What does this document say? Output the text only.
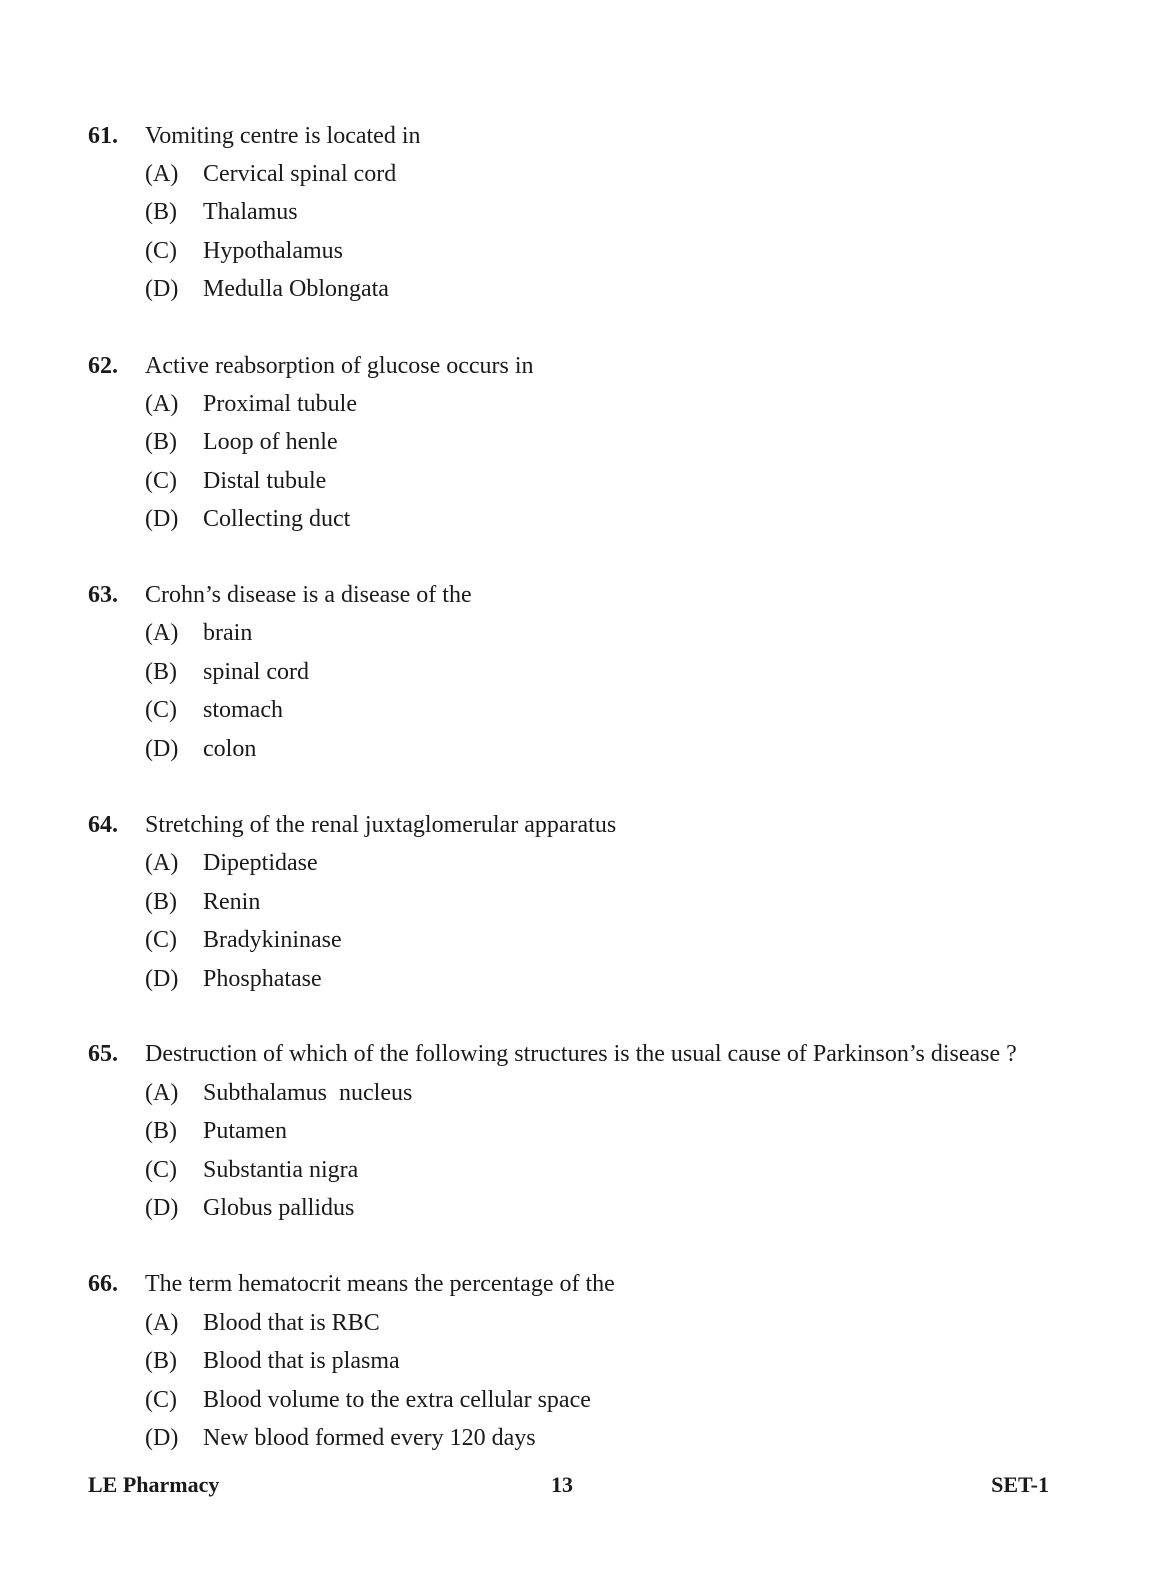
61. Vomiting centre is located in
(A) Cervical spinal cord
(B) Thalamus
(C) Hypothalamus
(D) Medulla Oblongata
62. Active reabsorption of glucose occurs in
(A) Proximal tubule
(B) Loop of henle
(C) Distal tubule
(D) Collecting duct
63. Crohn’s disease is a disease of the
(A) brain
(B) spinal cord
(C) stomach
(D) colon
64. Stretching of the renal juxtaglomerular apparatus
(A) Dipeptidase
(B) Renin
(C) Bradykininase
(D) Phosphatase
65. Destruction of which of the following structures is the usual cause of Parkinson’s disease ?
(A) Subthalamus  nucleus
(B) Putamen
(C) Substantia nigra
(D) Globus pallidus
66. The term hematocrit means the percentage of the
(A) Blood that is RBC
(B) Blood that is plasma
(C) Blood volume to the extra cellular space
(D) New blood formed every 120 days
LE Pharmacy	13	SET-1
